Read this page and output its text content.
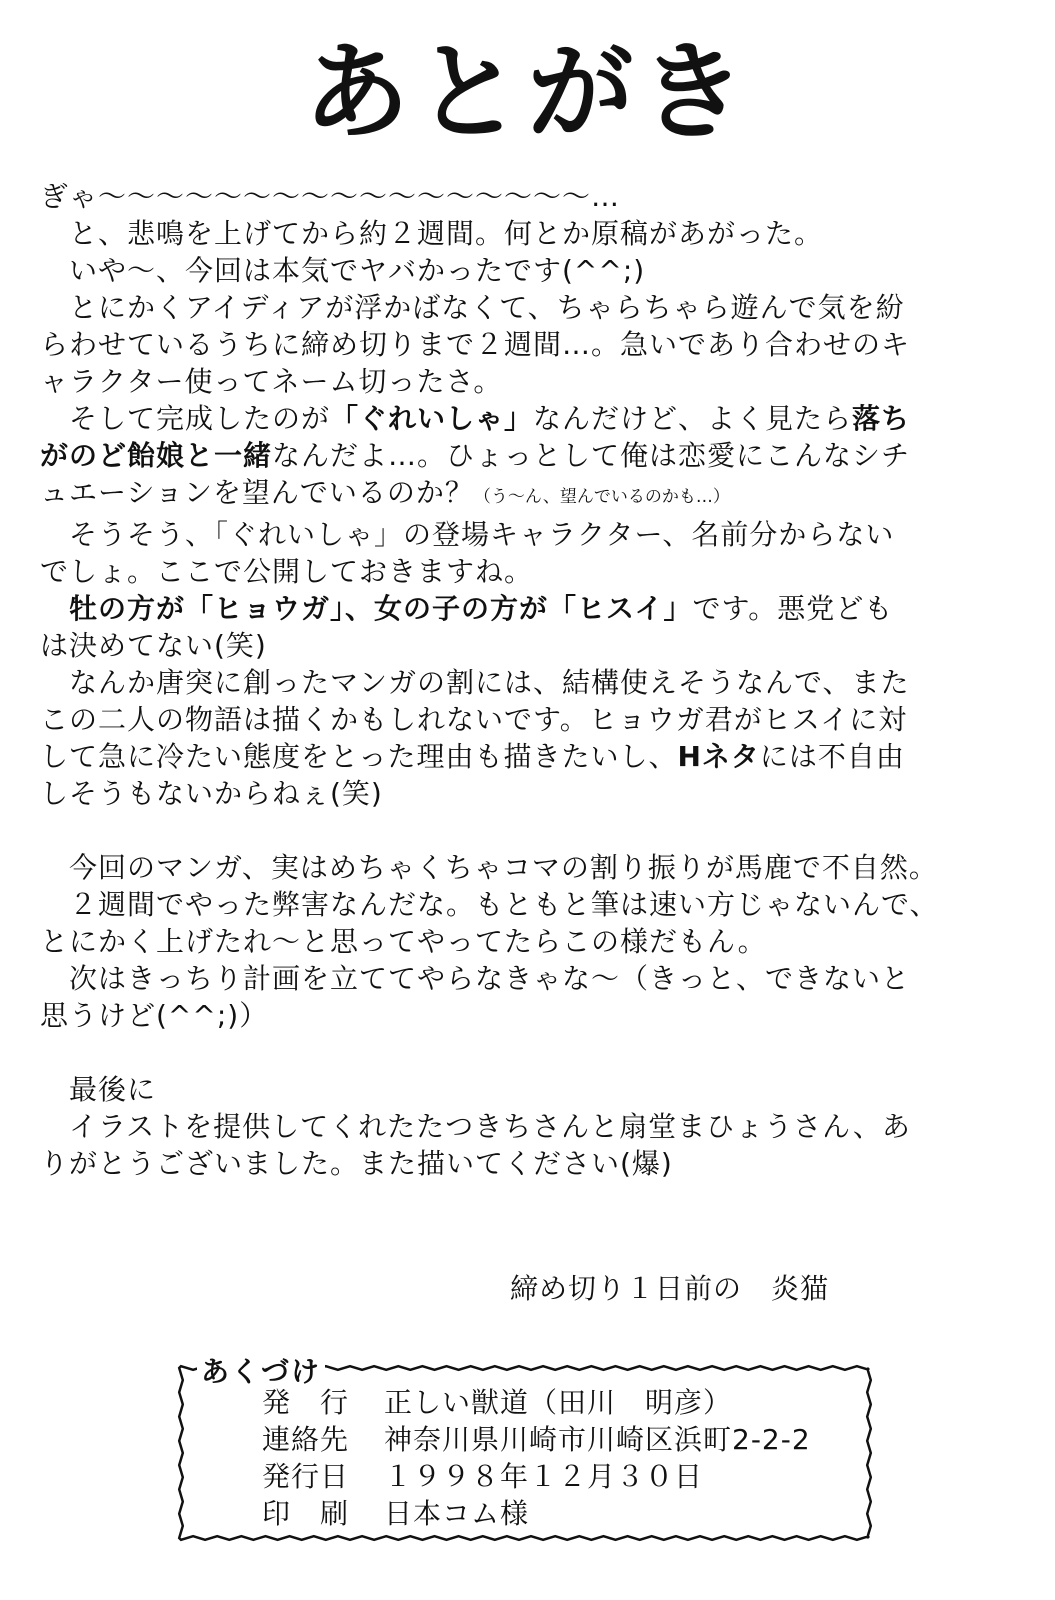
あとがき

ぎゃ～～～～～～～～～～～～～～～～～…

　と、悲鳴を上げてから約２週間。何とか原稿があがった。

　いや～、今回は本気でヤバかったです(^^;)

　とにかくアイディアが浮かばなくて、ちゃらちゃら遊んで気を紛

らわせているうちに締め切りまで２週間…。急いであり合わせのキ

ャラクター使ってネーム切ったさ。

　そして完成したのが「ぐれいしゃ」なんだけど、よく見たら落ち

がのど飴娘と一緒なんだよ…。ひょっとして俺は恋愛にこんなシチ

ュエーションを望んでいるのか？（う～ん、望んでいるのかも…）

　そうそう、「ぐれいしゃ」の登場キャラクター、名前分からない

でしょ。ここで公開しておきますね。

　牡の方が「ヒョウガ」、女の子の方が「ヒスイ」です。悪党ども

は決めてない(笑)

　なんか唐突に創ったマンガの割には、結構使えそうなんで、また

この二人の物語は描くかもしれないです。ヒョウガ君がヒスイに対

して急に冷たい態度をとった理由も描きたいし、Hネタには不自由

しそうもないからねぇ(笑)

　今回のマンガ、実はめちゃくちゃコマの割り振りが馬鹿で不自然。

　２週間でやった弊害なんだな。もともと筆は速い方じゃないんで、

とにかく上げたれ～と思ってやってたらこの様だもん。

　次はきっちり計画を立ててやらなきゃな～（きっと、できないと

思うけど(^^;)）

　最後に

　イラストを提供してくれたたつきちさんと扇堂まひょうさん、あ

りがとうございました。また描いてください(爆)

締め切り１日前の　炎猫
あくづけ
発　行	正しい獣道（田川　明彦）
連絡先	神奈川県川崎市川崎区浜町2-2-2
発行日	１９９８年１２月３０日
印　刷	日本コム様
